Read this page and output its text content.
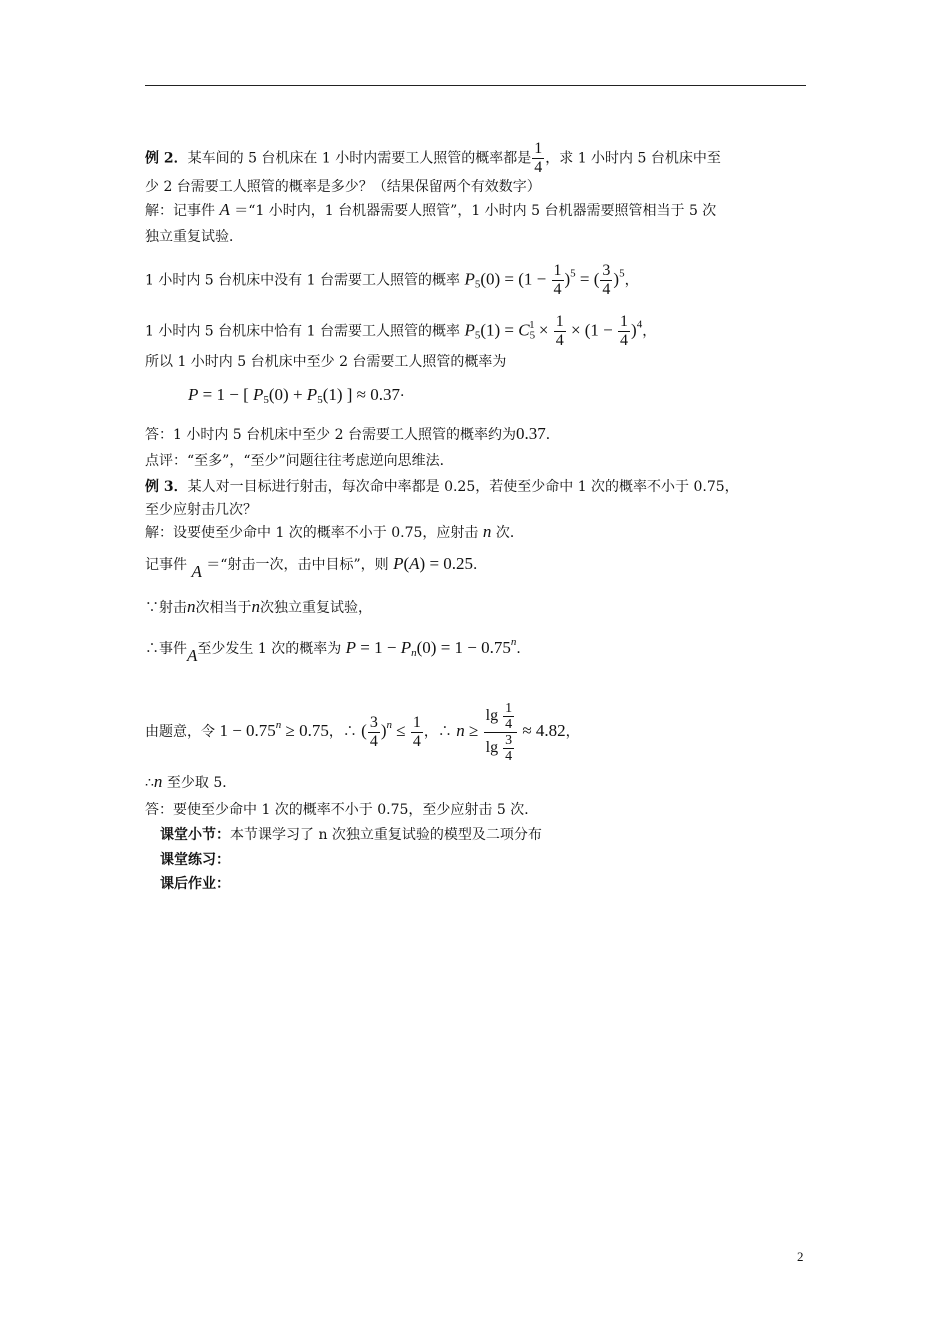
例 2．某车间的 5 台机床在 1 小时内需要工人照管的概率都是 $\frac{1}{4}$ ，求 1 小时内 5 台机床中至
少 2 台需要工人照管的概率是多少？（结果保留两个有效数字）
解：记事件 A ＝“1 小时内，1 台机器需要人照管”，1 小时内 5 台机器需要照管相当于 5 次
独立重复试验．
1 小时内 5 台机床中没有 1 台需要工人照管的概率 $P_5(0) = (1 - \frac{1}{4} )^5$ = ( $\frac{3}{4} )^5$，
1 小时内 5 台机床中恰有 1 台需要工人照管的概率 $P_5(1) = C_5^1 \times \frac{1}{4} \times (1 - \frac{1}{4} )^4$，
所以 1 小时内 5 台机床中至少 2 台需要工人照管的概率为
P = 1 − [ $P_5(0) + P_5(1)$ ] ≈ 0.37·
答：1 小时内 5 台机床中至少 2 台需要工人照管的概率约为0.37．
点评：“至多”，“至少”问题往往考虑逆向思维法．
例 3．某人对一目标进行射击，每次命中率都是 0.25，若使至少命中 1 次的概率不小于 0.75，
至少应射击几次？
解：设要使至少命中 1 次的概率不小于 0.75，应射击 n 次．
记事件 A ＝“射击一次，击中目标”，则 P(A) = 0.25．
∵射击n次相当于n次独立重复试验，
∴事件A至少发生 1 次的概率为 $P = 1 - P_n(0) = 1 - 0.75^n$．
由题意，令 $1 - 0.75^n \ge 0.75$，∴ ( $\frac{3}{4} )^n \le \frac{1}{4}$ ，∴ $n \ge \frac{\lg \frac{1}{4}}{\lg \frac{3}{4}} \approx 4.82$，
∴n 至少取 5．
答：要使至少命中 1 次的概率不小于 0.75，至少应射击 5 次．
课堂小节：本节课学习了 n 次独立重复试验的模型及二项分布
课堂练习：
课后作业：
2
